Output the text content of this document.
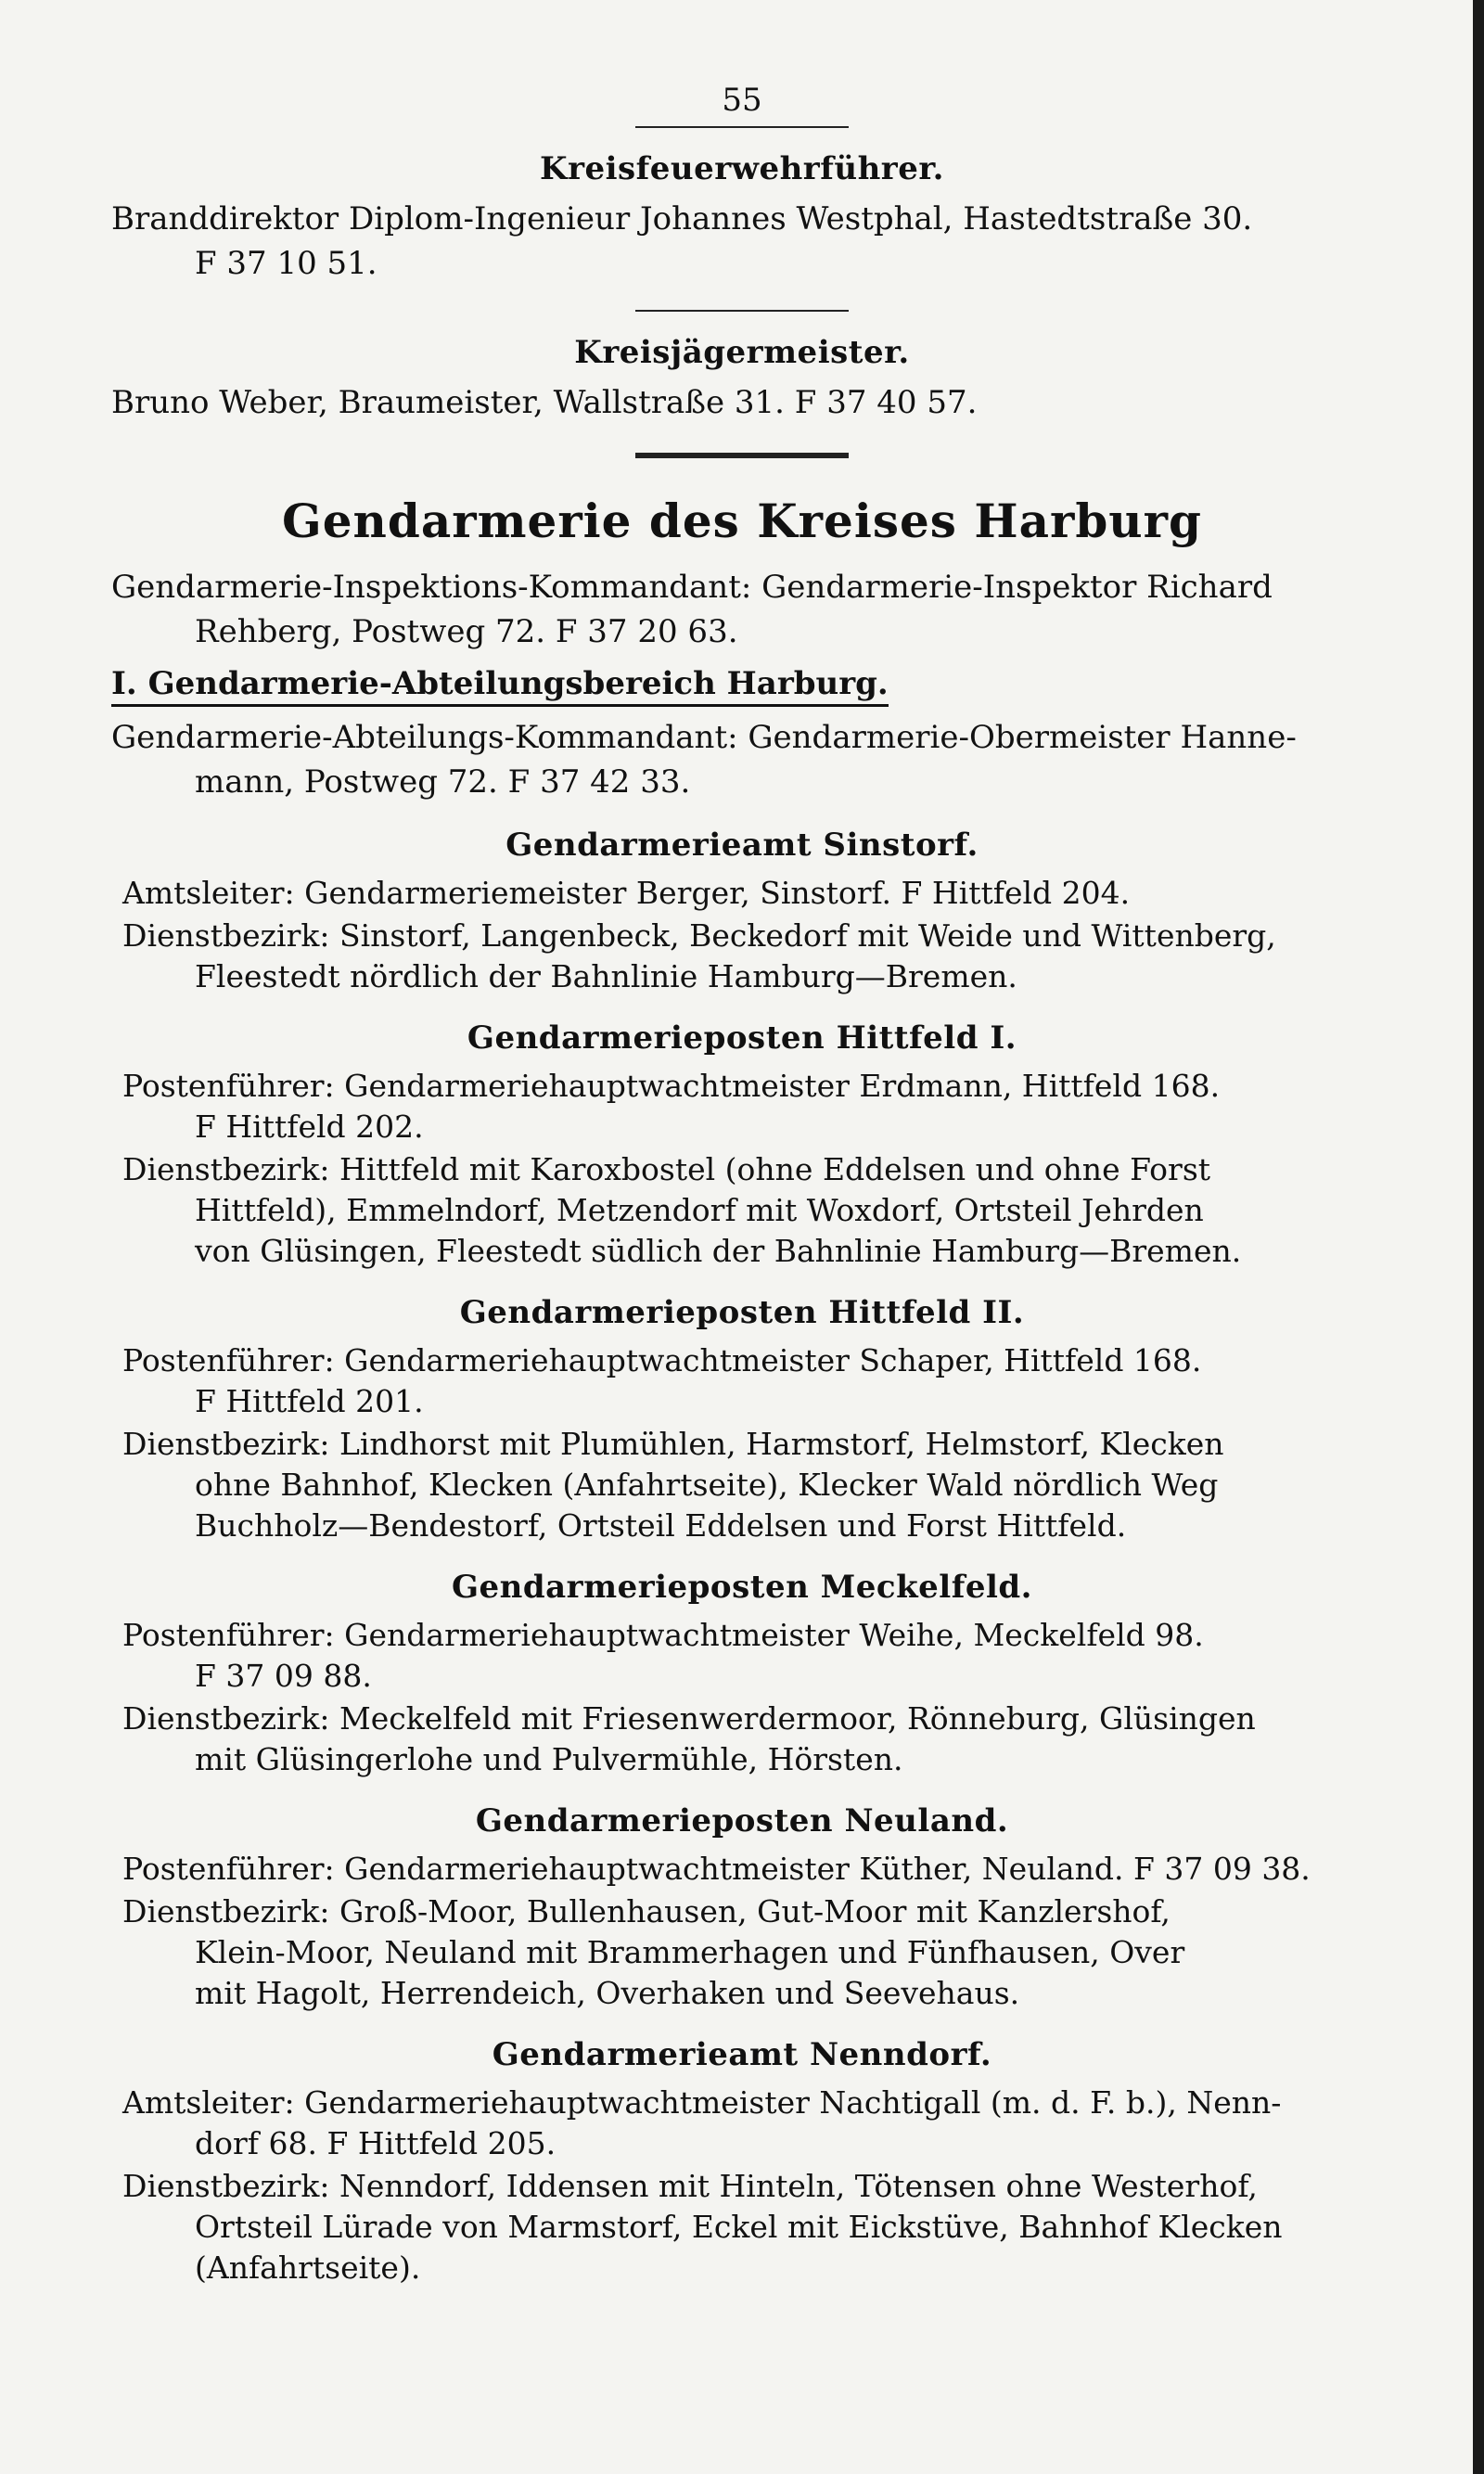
55
Kreisfeuerwehrführer.
Branddirektor Diplom-Ingenieur Johannes Westphal, Hastedtstraße 30.
F 37 10 51.
Kreisjägermeister.
Bruno Weber, Braumeister, Wallstraße 31. F 37 40 57.
Gendarmerie des Kreises Harburg
Gendarmerie-Inspektions-Kommandant: Gendarmerie-Inspektor Richard
Rehberg, Postweg 72. F 37 20 63.
I. Gendarmerie-Abteilungsbereich Harburg.
Gendarmerie-Abteilungs-Kommandant: Gendarmerie-Obermeister Hanne-
mann, Postweg 72. F 37 42 33.
Gendarmerieamt Sinstorf.
Amtsleiter: Gendarmeriemeister Berger, Sinstorf. F Hittfeld 204.
Dienstbezirk: Sinstorf, Langenbeck, Beckedorf mit Weide und Wittenberg,
Fleestedt nördlich der Bahnlinie Hamburg—Bremen.
Gendarmerieposten Hittfeld I.
Postenführer: Gendarmeriehauptwachtmeister Erdmann, Hittfeld 168.
F Hittfeld 202.
Dienstbezirk: Hittfeld mit Karoxbostel (ohne Eddelsen und ohne Forst
Hittfeld), Emmelndorf, Metzendorf mit Woxdorf, Ortsteil Jehrden
von Glüsingen, Fleestedt südlich der Bahnlinie Hamburg—Bremen.
Gendarmerieposten Hittfeld II.
Postenführer: Gendarmeriehauptwachtmeister Schaper, Hittfeld 168.
F Hittfeld 201.
Dienstbezirk: Lindhorst mit Plumühlen, Harmstorf, Helmstorf, Klecken
ohne Bahnhof, Klecken (Anfahrtseite), Klecker Wald nördlich Weg
Buchholz—Bendestorf, Ortsteil Eddelsen und Forst Hittfeld.
Gendarmerieposten Meckelfeld.
Postenführer: Gendarmeriehauptwachtmeister Weihe, Meckelfeld 98.
F 37 09 88.
Dienstbezirk: Meckelfeld mit Friesenwerdermoor, Rönneburg, Glüsingen
mit Glüsingerlohe und Pulvermühle, Hörsten.
Gendarmerieposten Neuland.
Postenführer: Gendarmeriehauptwachtmeister Küther, Neuland. F 37 09 38.
Dienstbezirk: Groß-Moor, Bullenhausen, Gut-Moor mit Kanzlershof,
Klein-Moor, Neuland mit Brammerhagen und Fünfhausen, Over
mit Hagolt, Herrendeich, Overhaken und Seevehaus.
Gendarmerieamt Nenndorf.
Amtsleiter: Gendarmeriehauptwachtmeister Nachtigall (m. d. F. b.), Nenn-
dorf 68. F Hittfeld 205.
Dienstbezirk: Nenndorf, Iddensen mit Hinteln, Tötensen ohne Westerhof,
Ortsteil Lürade von Marmstorf, Eckel mit Eickstüve, Bahnhof Klecken
(Anfahrtseite).
